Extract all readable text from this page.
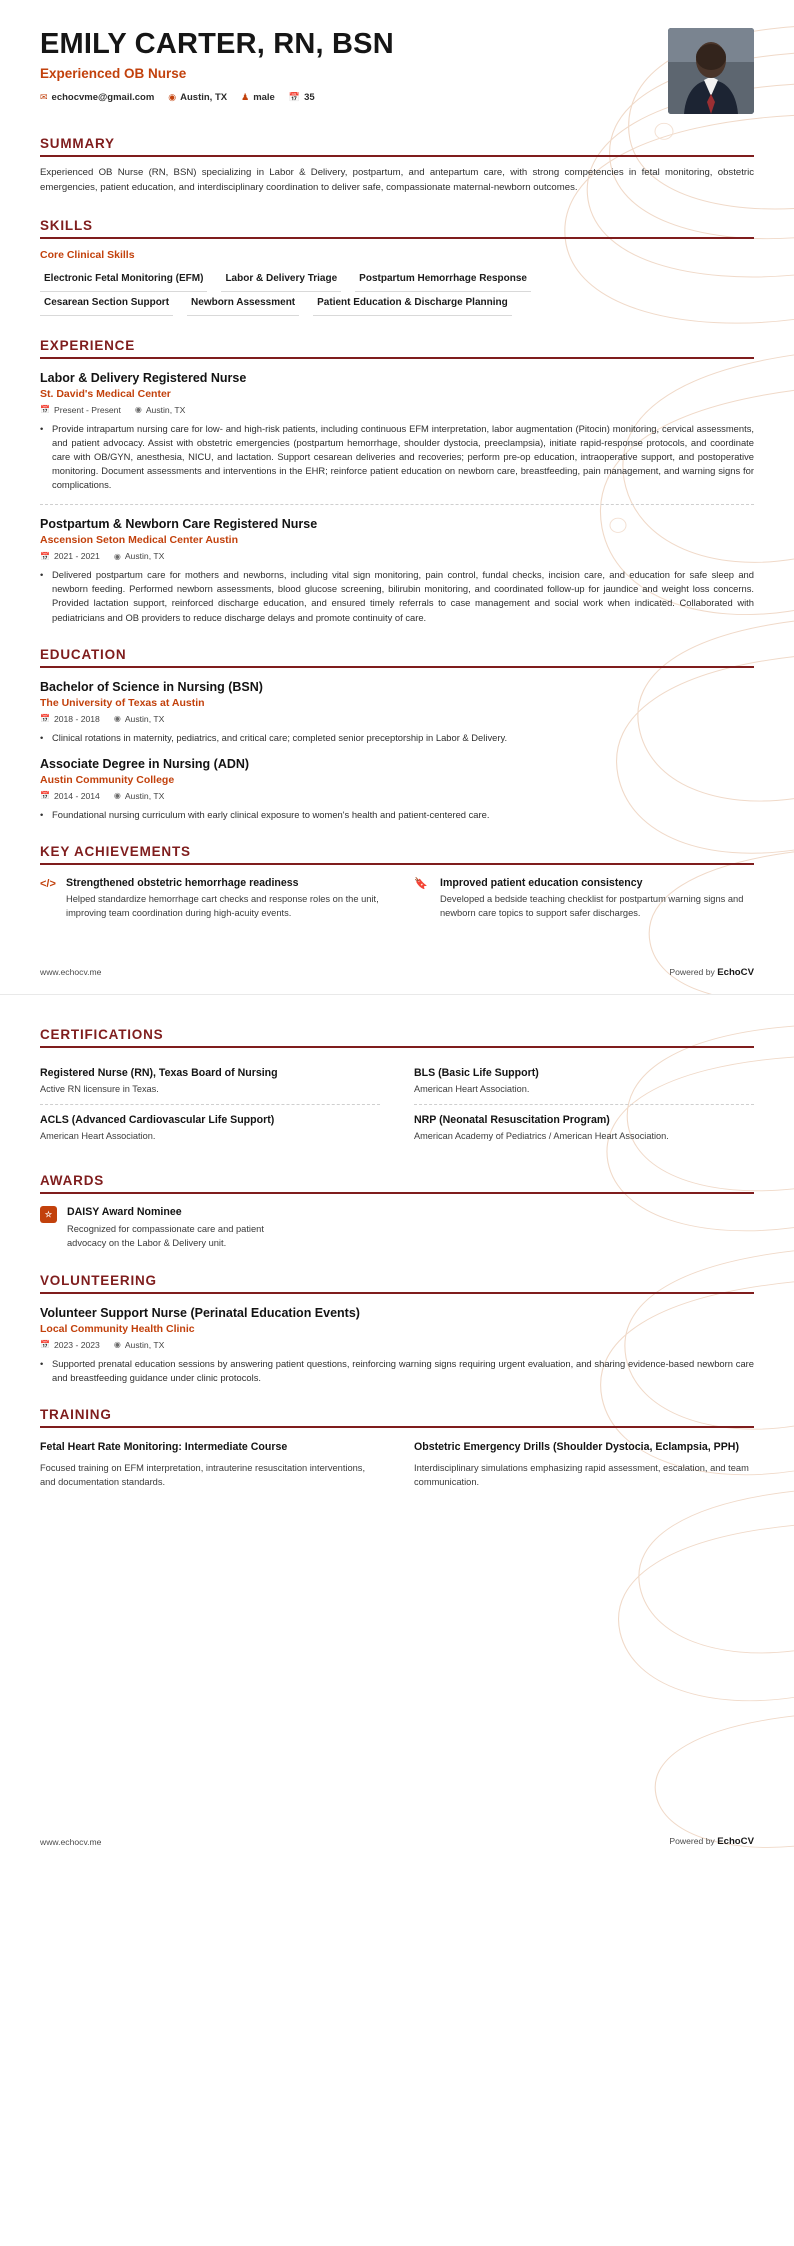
EMILY CARTER, RN, BSN
Experienced OB Nurse
✉ echocvme@gmail.com ◉ Austin, TX ♟ male 📅 35
SUMMARY
Experienced OB Nurse (RN, BSN) specializing in Labor & Delivery, postpartum, and antepartum care, with strong competencies in fetal monitoring, obstetric emergencies, patient education, and interdisciplinary coordination to deliver safe, compassionate maternal-newborn outcomes.
SKILLS
Core Clinical Skills
Electronic Fetal Monitoring (EFM)	Labor & Delivery Triage	Postpartum Hemorrhage Response
Cesarean Section Support	Newborn Assessment	Patient Education & Discharge Planning
EXPERIENCE
Labor & Delivery Registered Nurse
St. David's Medical Center
📅 Present - Present ◉ Austin, TX
• Provide intrapartum nursing care for low- and high-risk patients, including continuous EFM interpretation, labor augmentation (Pitocin) monitoring, cervical assessments, and patient advocacy. Assist with obstetric emergencies (postpartum hemorrhage, shoulder dystocia, preeclampsia), initiate rapid-response protocols, and coordinate care with OB/GYN, anesthesia, NICU, and lactation. Support cesarean deliveries and recoveries; perform pre-op education, intraoperative support, and postoperative monitoring. Document assessments and interventions in the EHR; reinforce patient education on newborn care, breastfeeding, pain management, and warning signs for complications.
Postpartum & Newborn Care Registered Nurse
Ascension Seton Medical Center Austin
📅 2021 - 2021 ◉ Austin, TX
• Delivered postpartum care for mothers and newborns, including vital sign monitoring, pain control, fundal checks, incision care, and education for safe sleep and newborn feeding. Performed newborn assessments, blood glucose screening, bilirubin monitoring, and coordinated follow-up for jaundice and weight loss concerns. Provided lactation support, reinforced discharge education, and ensured timely referrals to case management and social work when indicated. Collaborated with pediatricians and OB providers to reduce discharge delays and promote continuity of care.
EDUCATION
Bachelor of Science in Nursing (BSN)
The University of Texas at Austin
📅 2018 - 2018 ◉ Austin, TX
• Clinical rotations in maternity, pediatrics, and critical care; completed senior preceptorship in Labor & Delivery.
Associate Degree in Nursing (ADN)
Austin Community College
📅 2014 - 2014 ◉ Austin, TX
• Foundational nursing curriculum with early clinical exposure to women's health and patient-centered care.
KEY ACHIEVEMENTS
</> Strengthened obstetric hemorrhage readiness
Helped standardize hemorrhage cart checks and response roles on the unit, improving team coordination during high-acuity events.
🔖 Improved patient education consistency
Developed a bedside teaching checklist for postpartum warning signs and newborn care topics to support safer discharges.
www.echocv.me	Powered by EchoCV
CERTIFICATIONS
Registered Nurse (RN), Texas Board of Nursing
Active RN licensure in Texas.
BLS (Basic Life Support)
American Heart Association.
ACLS (Advanced Cardiovascular Life Support)
American Heart Association.
NRP (Neonatal Resuscitation Program)
American Academy of Pediatrics / American Heart Association.
AWARDS
☆	DAISY Award Nominee
Recognized for compassionate care and patient advocacy on the Labor & Delivery unit.
VOLUNTEERING
Volunteer Support Nurse (Perinatal Education Events)
Local Community Health Clinic
📅 2023 - 2023 ◉ Austin, TX
• Supported prenatal education sessions by answering patient questions, reinforcing warning signs requiring urgent evaluation, and sharing evidence-based newborn care and breastfeeding guidance under clinic protocols.
TRAINING
Fetal Heart Rate Monitoring: Intermediate Course
Focused training on EFM interpretation, intrauterine resuscitation interventions, and documentation standards.
Obstetric Emergency Drills (Shoulder Dystocia, Eclampsia, PPH)
Interdisciplinary simulations emphasizing rapid assessment, escalation, and team communication.
www.echocv.me	Powered by EchoCV
